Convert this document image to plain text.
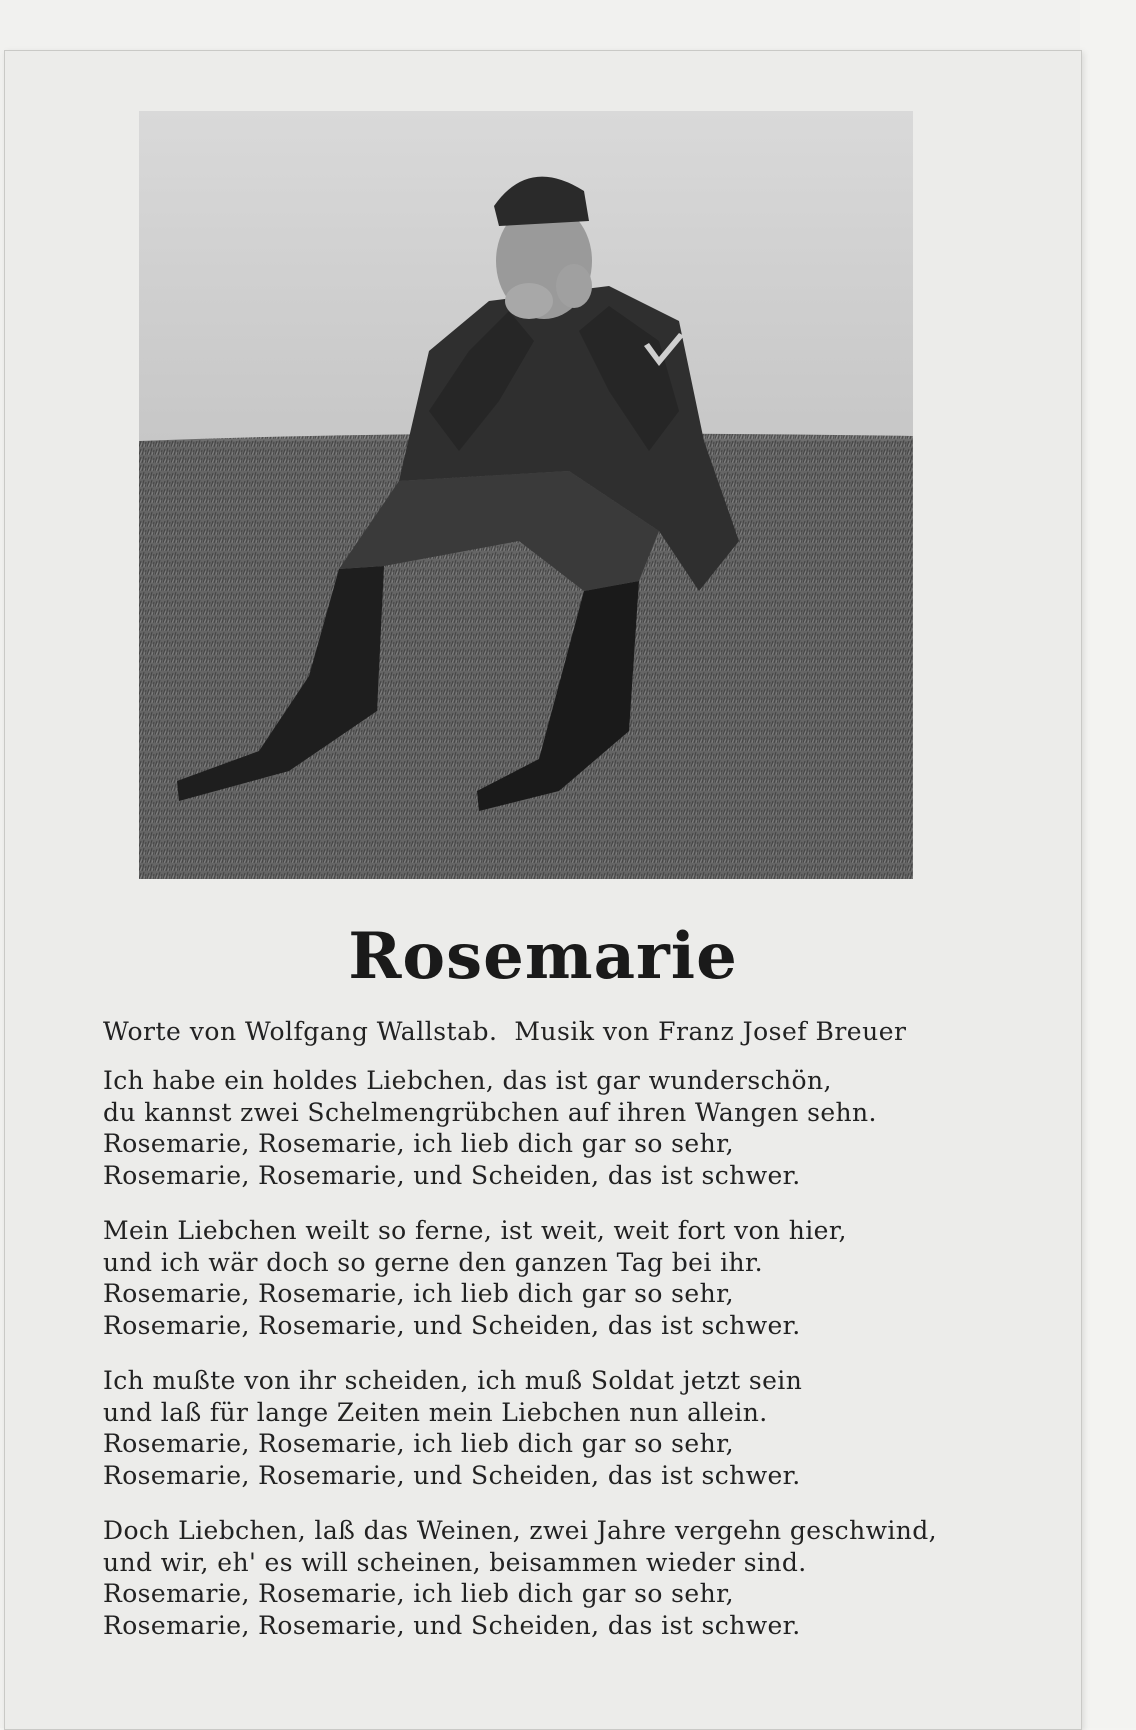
Rosemarie
Worte von Wolfgang Wallstab.  Musik von Franz Josef Breuer
Ich habe ein holdes Liebchen, das ist gar wunderschön,
du kannst zwei Schelmengrübchen auf ihren Wangen sehn.
Rosemarie, Rosemarie, ich lieb dich gar so sehr,
Rosemarie, Rosemarie, und Scheiden, das ist schwer.
Mein Liebchen weilt so ferne, ist weit, weit fort von hier,
und ich wär doch so gerne den ganzen Tag bei ihr.
Rosemarie, Rosemarie, ich lieb dich gar so sehr,
Rosemarie, Rosemarie, und Scheiden, das ist schwer.
Ich mußte von ihr scheiden, ich muß Soldat jetzt sein
und laß für lange Zeiten mein Liebchen nun allein.
Rosemarie, Rosemarie, ich lieb dich gar so sehr,
Rosemarie, Rosemarie, und Scheiden, das ist schwer.
Doch Liebchen, laß das Weinen, zwei Jahre vergehn geschwind,
und wir, eh' es will scheinen, beisammen wieder sind.
Rosemarie, Rosemarie, ich lieb dich gar so sehr,
Rosemarie, Rosemarie, und Scheiden, das ist schwer.
